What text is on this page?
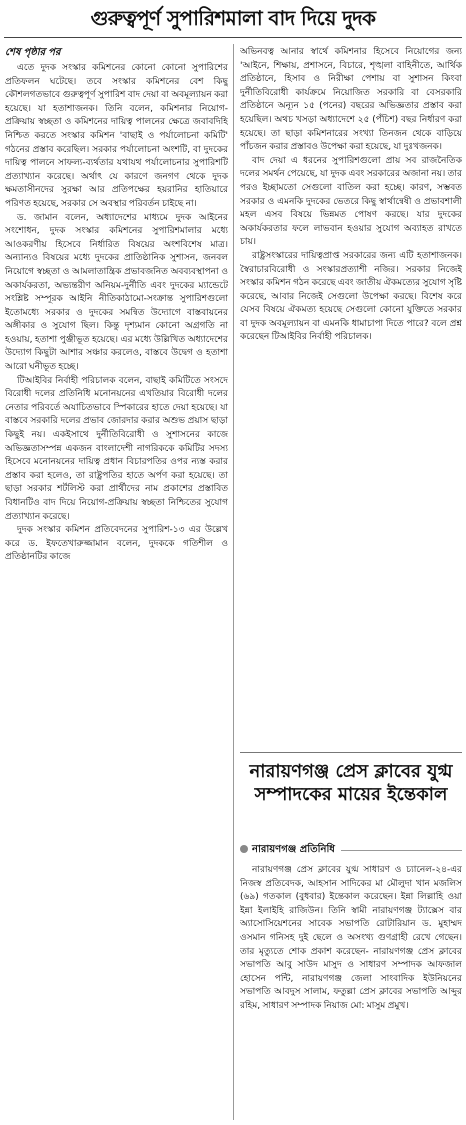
গুরুত্বপূর্ণ সুপারিশমালা বাদ দিয়ে দুদক

শেষ পৃষ্ঠার পর

এতে দুদক সংস্কার কমিশনের কোনো কোনো সুপারিশের প্রতিফলন ঘটেছে। তবে সংস্কার কমিশনের বেশ কিছু কৌশলগতভাবে গুরুত্বপূর্ণ সুপারিশ বাদ দেয়া বা অবমূল্যায়ন করা হয়েছে। যা হতাশাজনক। তিনি বলেন, কমিশনার নিয়োগ-প্রক্রিয়ায় স্বচ্ছতা ও কমিশনের দায়িত্ব পালনের ক্ষেত্রে জবাবদিহি নিশ্চিত করতে সংস্কার কমিশন 'বাছাই ও পর্যালোচনা কমিটি' গঠনের প্রস্তাব করেছিল। সরকার পর্যালোচনা অংশটি, বা দুদকের দায়িত্ব পালনে সাফল্য-ব্যর্থতার যথাযথ পর্যালোচনার সুপারিশটি প্রত্যাখ্যান করেছে। অর্থাৎ যে কারণে জনগণ থেকে দুদক ক্ষমতাসীনদের সুরক্ষা আর প্রতিপক্ষের হয়রানির হাতিয়ারে পরিণত হয়েছে, সরকার সে অবস্থার পরিবর্তন চাইছে না।

ড. জামান বলেন, অধ্যাদেশের মাধ্যমে দুদক আইনের সংশোধন, দুদক সংস্কার কমিশনের সুপারিশমালার মধ্যে আওকরণীয় হিসেবে নির্ধারিত বিষয়ের অংশবিশেষ মাত্র। অন্যান্যও বিষয়ের মধ্যে দুদকের প্রাতিষ্ঠানিক সুশাসন, জনবল নিয়োগে স্বচ্ছতা ও আমলাতান্ত্রিক প্রভাবজনিত অবব্যবস্থাপনা ও অকার্যকরতা, অভ্যন্তরীণ অনিয়ম-দুর্নীতি এবং দুদকের ম্যান্ডেটে সংশ্লিষ্ট সম্পূরক আইনি নীতিকাঠামো-সংক্রান্ত সুপারিশগুলো ইতোমধ্যে সরকার ও দুদকের সমন্বিত উদ্যোগে বাস্তবায়নের অঙ্গীকার ও সুযোগ ছিল। কিন্তু দৃশ্যমান কোনো অগ্রগতি না হওয়ায়, হতাশা পুঞ্জীভূত হয়েছে। এর মধ্যে উল্লিখিত অধ্যাদেশের উদ্যোগ কিছুটা আশার সঞ্চার করলেও, বাস্তবে উদ্বেগ ও হতাশা আরো ঘনীভূত হচ্ছে।

টিআইবির নির্বাহী পরিচালক বলেন, বাছাই কমিটিতে সংসদে বিরোধী দলের প্রতিনিধি মনোনয়নের এখতিয়ার বিরোধী দলের নেতার পরিবর্তে অযাচিতভাবে স্পিকারের হাতে দেয়া হয়েছে। যা বাস্তবে সরকারি দলের প্রভাব জোরদার করার অশুভ প্রয়াস ছাড়া কিছুই নয়। একইসাথে দুর্নীতিবিরোধী ও সুশাসনের কাজে অভিজ্ঞতাসম্পন্ন একজন বাংলাদেশী নাগরিককে কমিটির সদস্য হিসেবে মনোনয়নের দায়িত্ব প্রধান বিচারপতির ওপর ন্যস্ত করার প্রস্তাব করা হলেও, তা রাষ্ট্রপতির হাতে অর্পণ করা হয়েছে। তা ছাড়া সরকার শর্টলিস্ট করা প্রার্থীদের নাম প্রকাশের প্রস্তাবিত বিধানটিও বাদ দিয়ে নিয়োগ-প্রক্রিয়ায় স্বচ্ছতা নিশ্চিতের সুযোগ প্রত্যাখ্যান করেছে।

দুদক সংস্কার কমিশন প্রতিবেদনের সুপারিশ-১৩ এর উল্লেখ করে ড. ইফতেখারুজ্জামান বলেন, দুদককে গতিশীল ও প্রতিষ্ঠানটির কাজে

অভিনবত্ব আনার স্বার্থে কমিশনার হিসেবে নিয়োগের জন্য 'আইনে, শিক্ষায়, প্রশাসনে, বিচারে, শৃঙ্খলা বাহিনীতে, আর্থিক প্রতিষ্ঠানে, হিসাব ও নিরীক্ষা পেশায় বা সুশাসন কিংবা দুর্নীতিবিরোধী কার্যক্রমে নিয়োজিত সরকারি বা বেসরকারি প্রতিষ্ঠানে অন্যূন ১৫ (পনের) বছরের অভিজ্ঞতার প্রস্তাব করা হয়েছিল। অথচ খসড়া অধ্যাদেশে ২৫ (পঁচিশ) বছর নির্ধারণ করা হয়েছে। তা ছাড়া কমিশনারের সংখ্যা তিনজন থেকে বাড়িয়ে পাঁচজন করার প্রস্তাবও উপেক্ষা করা হয়েছে, যা দুঃখজনক।

বাদ দেয়া এ ধরনের সুপারিশগুলো প্রায় সব রাজনৈতিক দলের সমর্থন পেয়েছে, যা দুদক এবং সরকারের অজানা নয়। তার পরও ইচ্ছামতো সেগুলো বাতিল করা হচ্ছে। কারণ, সম্ভবত সরকার ও এমনকি দুদকের ভেতরে কিছু স্বার্থান্বেষী ও প্রভাবশালী মহল এসব বিষয়ে ভিন্নমত পোষণ করছে। যার দুদকের অকার্যকরতার ফলে লাভবান হওয়ার সুযোগ অব্যাহত রাখতে চায়।

রাষ্ট্রসংস্কারের দায়িত্বপ্রাপ্ত সরকারের জন্য এটি হতাশাজনক। স্বৈরাচারবিরোধী ও সংস্কারপ্রত্যাশী নজির। সরকার নিজেই সংস্কার কমিশন গঠন করেছে এবং জাতীয় ঐকমত্যের সুযোগ সৃষ্টি করেছে, আবার নিজেই সেগুলো উপেক্ষা করছে। বিশেষ করে যেসব বিষয়ে ঐকমত্য হয়েছে সেগুলো কোনো যুক্তিতে সরকার বা দুদক অবমূল্যায়ন বা এমনকি ধামাচাপা দিতে পারে? বলে প্রশ্ন করেছেন টিআইবির নির্বাহী পরিচালক।

নারায়ণগঞ্জ প্রেস ক্লাবের যুগ্ম সম্পাদকের মায়ের ইন্তেকাল
নারায়ণগঞ্জ প্রতিনিধি

নারায়ণগঞ্জ প্রেস ক্লাবের যুগ্ম সাধারণ ও চ্যানেল-২৪-এর নিজস্ব প্রতিবেদক, আহসান সাদিকের মা মৌলুদা খান মজলিস (৬৯) গতকাল (বুধবার) ইন্তেকাল করেছেন। ইন্না লিল্লাহি ওয়া ইন্না ইলাইহি রাজিউন। তিনি স্বামী নারায়ণগঞ্জ ট্যাক্সেস বার অ্যাসোসিয়েশনের সাবেক সভাপতি রোটারিয়ান ড. মুহাম্মদ ওসমান গনিসহ দুই ছেলে ও অসংখ্য গুণগ্রাহী রেখে গেছেন। তার মৃত্যুতে শোক প্রকাশ করেছেন- নারায়ণগঞ্জ প্রেস ক্লাবের সভাপতি আবু সাউদ মাসুদ ও সাধারণ সম্পাদক আফজাল হোসেন পন্টি, নারায়ণগঞ্জ জেলা সাংবাদিক ইউনিয়নের সভাপতি আবদুস সালাম, ফতুল্লা প্রেস ক্লাবের সভাপতি আব্দুর রহিম, সাধারণ সম্পাদক নিয়াজ মো: মাসুম প্রমুখ।
